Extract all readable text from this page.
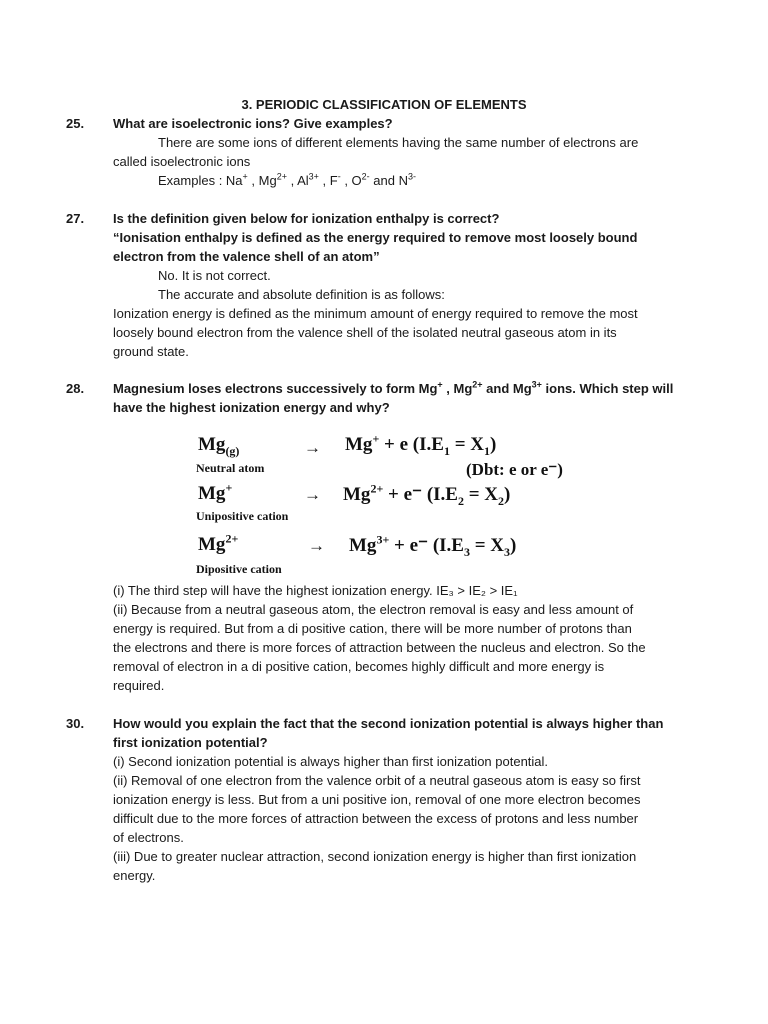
3. PERIODIC CLASSIFICATION OF ELEMENTS
25. What are isoelectronic ions? Give examples?
There are some ions of different elements having the same number of electrons are
called isoelectronic ions
Examples : Na+ , $Mg^{2+}$ , $Al^{3+}$ , F- , $O^{2-}$ and $N^{3-}$
27. Is the definition given below for ionization enthalpy is correct?
“Ionisation enthalpy is defined as the energy required to remove most loosely bound
electron from the valence shell of an atom”
No. It is not correct.
The accurate and absolute definition is as follows:
Ionization energy is defined as the minimum amount of energy required to remove the most
loosely bound electron from the valence shell of the isolated neutral gaseous atom in its
ground state.
28. Magnesium loses electrons successively to form Mg+ , $Mg^{2+}$ and $Mg^{3+}$ ions. Which step will
have the highest ionization energy and why?
$Mg_{(g)}$
Neutral atom
→ Mg+ + e $(I.E_1 = X_1)$
(Dbt: e or e⁻)
Mg+
Unipositive cation
→ $Mg^{2+} + e^-$ $(I.E_2 = X_2)$
$Mg^{2+}$
Dipositive cation
→ $Mg^{3+} + e^-$ $(I.E_3 = X_3)$
(i) The third step will have the highest ionization energy. IE₃ > IE₂ > IE₁
(ii) Because from a neutral gaseous atom, the electron removal is easy and less amount of
energy is required. But from a di positive cation, there will be more number of protons than
the electrons and there is more forces of attraction between the nucleus and electron. So the
removal of electron in a di positive cation, becomes highly difficult and more energy is
required.
30. How would you explain the fact that the second ionization potential is always higher than
first ionization potential?
(i) Second ionization potential is always higher than first ionization potential.
(ii) Removal of one electron from the valence orbit of a neutral gaseous atom is easy so first
ionization energy is less. But from a uni positive ion, removal of one more electron becomes
difficult due to the more forces of attraction between the excess of protons and less number
of electrons.
(iii) Due to greater nuclear attraction, second ionization energy is higher than first ionization
energy.
